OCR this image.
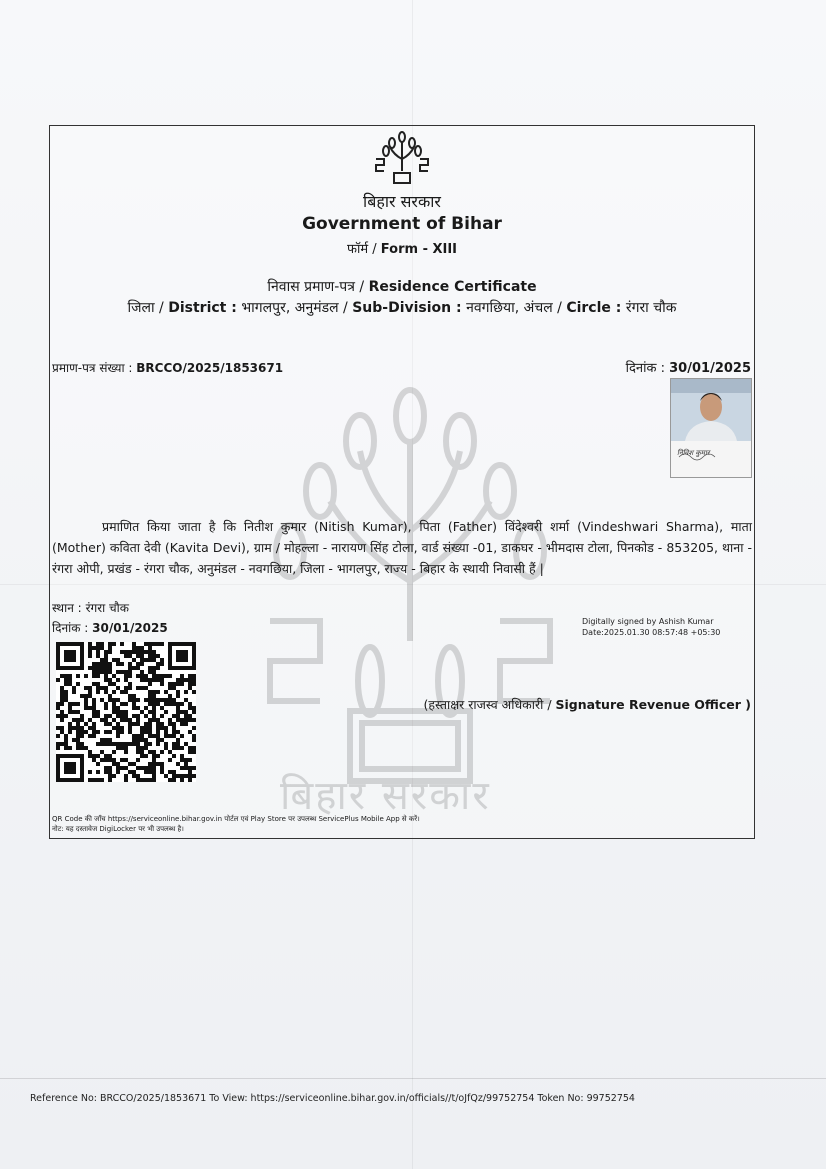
बिहार सरकार
बिहार सरकार
Government of Bihar
फॉर्म / Form - XIII
निवास प्रमाण-पत्र / Residence Certificate
जिला / District : भागलपुर, अनुमंडल / Sub-Division : नवगछिया, अंचल / Circle : रंगरा चौक
प्रमाण-पत्र संख्या : BRCCO/2025/1853671	दिनांक : 30/01/2025
निविश कुमार
प्रमाणित किया जाता है कि नितीश कुमार (Nitish Kumar), पिता (Father) विंदेश्वरी शर्मा (Vindeshwari Sharma), माता (Mother) कविता देवी (Kavita Devi), ग्राम / मोहल्ला - नारायण सिंह टोला, वार्ड संख्या -01, डाकघर - भीमदास टोला, पिनकोड - 853205, थाना - रंगरा ओपी, प्रखंड - रंगरा चौक, अनुमंडल - नवगछिया, जिला - भागलपुर, राज्य - बिहार के स्थायी निवासी हैं |
स्थान : रंगरा चौक
दिनांक : 30/01/2025	Digitally signed by Ashish Kumar
Date:2025.01.30 08:57:48 +05:30
(हस्ताक्षर राजस्व अधिकारी / Signature Revenue Officer )
QR Code की जाँच https://serviceonline.bihar.gov.in पोर्टल एवं Play Store पर उपलब्ध ServicePlus Mobile App से करें।
नोट: यह दस्तावेज DigiLocker पर भी उपलब्ध है।
Reference No: BRCCO/2025/1853671 To View: https://serviceonline.bihar.gov.in/officials//t/oJfQz/99752754 Token No: 99752754
